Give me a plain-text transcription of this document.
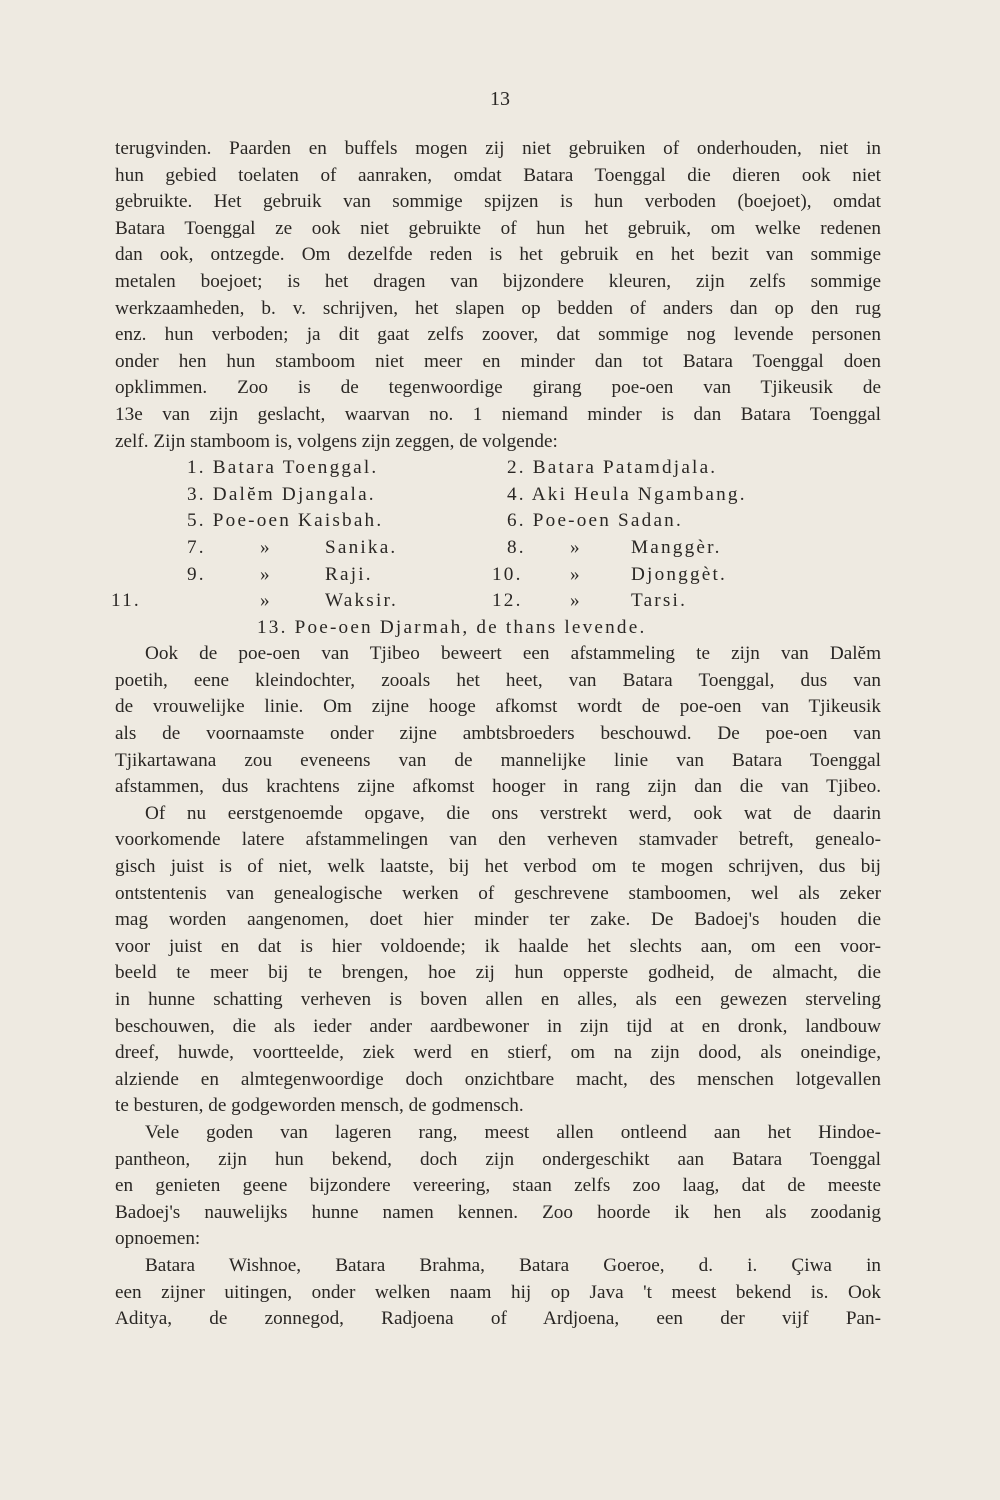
13
terugvinden. Paarden en buffels mogen zij niet gebruiken of onderhouden, niet in
hun gebied toelaten of aanraken, omdat Batara Toenggal die dieren ook niet
gebruikte. Het gebruik van sommige spijzen is hun verboden (boejoet), omdat
Batara Toenggal ze ook niet gebruikte of hun het gebruik, om welke redenen
dan ook, ontzegde. Om dezelfde reden is het gebruik en het bezit van sommige
metalen boejoet; is het dragen van bijzondere kleuren, zijn zelfs sommige
werkzaamheden, b. v. schrijven, het slapen op bedden of anders dan op den rug
enz. hun verboden; ja dit gaat zelfs zoover, dat sommige nog levende personen
onder hen hun stamboom niet meer en minder dan tot Batara Toenggal doen
opklimmen. Zoo is de tegenwoordige girang poe-oen van Tjikeusik de
13e van zijn geslacht, waarvan no. 1 niemand minder is dan Batara Toenggal
zelf. Zijn stamboom is, volgens zijn zeggen, de volgende:
1. Batara Toenggal.	2. Batara Patamdjala.
3. Dalĕm Djangala.	4. Aki Heula Ngambang.
5. Poe-oen Kaisbah.	6. Poe-oen Sadan.
7.	»	Sanika.	8. »	Manggèr.
9.	»	Raji.	10. »	Djonggèt.
11.	»	Waksir.	12. »	Tarsi.
13. Poe-oen Djarmah, de thans levende.
Ook de poe-oen van Tjibeo beweert een afstammeling te zijn van Dalĕm
poetih, eene kleindochter, zooals het heet, van Batara Toenggal, dus van
de vrouwelijke linie. Om zijne hooge afkomst wordt de poe-oen van Tjikeusik
als de voornaamste onder zijne ambtsbroeders beschouwd. De poe-oen van
Tjikartawana zou eveneens van de mannelijke linie van Batara Toenggal
afstammen, dus krachtens zijne afkomst hooger in rang zijn dan die van Tjibeo.
Of nu eerstgenoemde opgave, die ons verstrekt werd, ook wat de daarin
voorkomende latere afstammelingen van den verheven stamvader betreft, genealo-
gisch juist is of niet, welk laatste, bij het verbod om te mogen schrijven, dus bij
ontstentenis van genealogische werken of geschrevene stamboomen, wel als zeker
mag worden aangenomen, doet hier minder ter zake. De Badoej's houden die
voor juist en dat is hier voldoende; ik haalde het slechts aan, om een voor-
beeld te meer bij te brengen, hoe zij hun opperste godheid, de almacht, die
in hunne schatting verheven is boven allen en alles, als een gewezen sterveling
beschouwen, die als ieder ander aardbewoner in zijn tijd at en dronk, landbouw
dreef, huwde, voortteelde, ziek werd en stierf, om na zijn dood, als oneindige,
alziende en almtegenwoordige doch onzichtbare macht, des menschen lotgevallen
te besturen, de godgeworden mensch, de godmensch.
Vele goden van lageren rang, meest allen ontleend aan het Hindoe-
pantheon, zijn hun bekend, doch zijn ondergeschikt aan Batara Toenggal
en genieten geene bijzondere vereering, staan zelfs zoo laag, dat de meeste
Badoej's nauwelijks hunne namen kennen. Zoo hoorde ik hen als zoodanig
opnoemen:
Batara Wishnoe, Batara Brahma, Batara Goeroe, d. i. Çiwa in
een zijner uitingen, onder welken naam hij op Java 't meest bekend is. Ook
Aditya, de zonnegod, Radjoena of Ardjoena, een der vijf Pan-
